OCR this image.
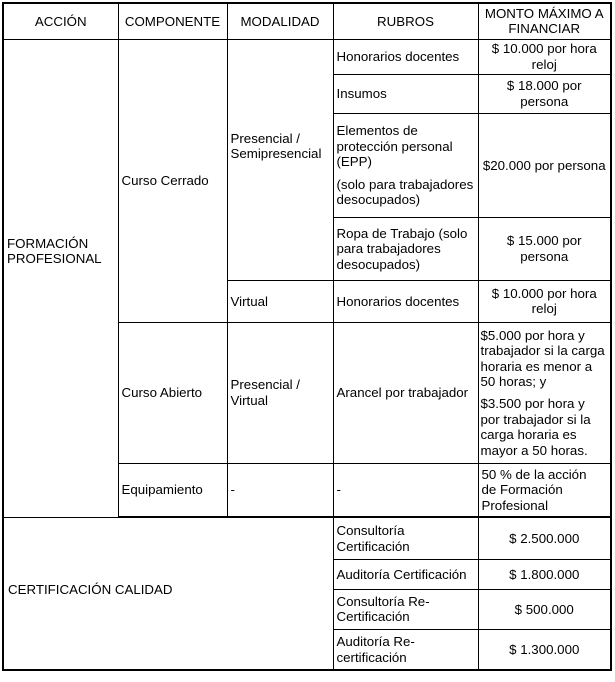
ACCIÓN	COMPONENTE	MODALIDAD	RUBROS	MONTO MÁXIMO A FINANCIAR
FORMACIÓN PROFESIONAL	Curso Cerrado	Presencial / Semipresencial	Honorarios docentes	$ 10.000 por hora reloj
			Insumos	$ 18.000 por persona

			Elementos de protección personal (EPP)

(solo para trabajadores desocupados)	$20.000 por persona
			Ropa de Trabajo (solo para trabajadores desocupados)	$ 15.000 por persona
		Virtual	Honorarios docentes	$ 10.000 por hora reloj
	Curso Abierto	Presencial / Virtual	Arancel por trabajador	$5.000 por hora y trabajador si la carga horaria es menor a 50 horas; y

$3.500 por hora y por trabajador si la carga horaria es mayor a 50 horas.

	Equipamiento	-	-	50 % de la acción de Formación Profesional
CERTIFICACIÓN CALIDAD			Consultoría Certificación	$ 2.500.000
			Auditoría Certificación	$ 1.800.000
			Consultoría Re-Certificación	$ 500.000
			Auditoría Re-certificación	$ 1.300.000
